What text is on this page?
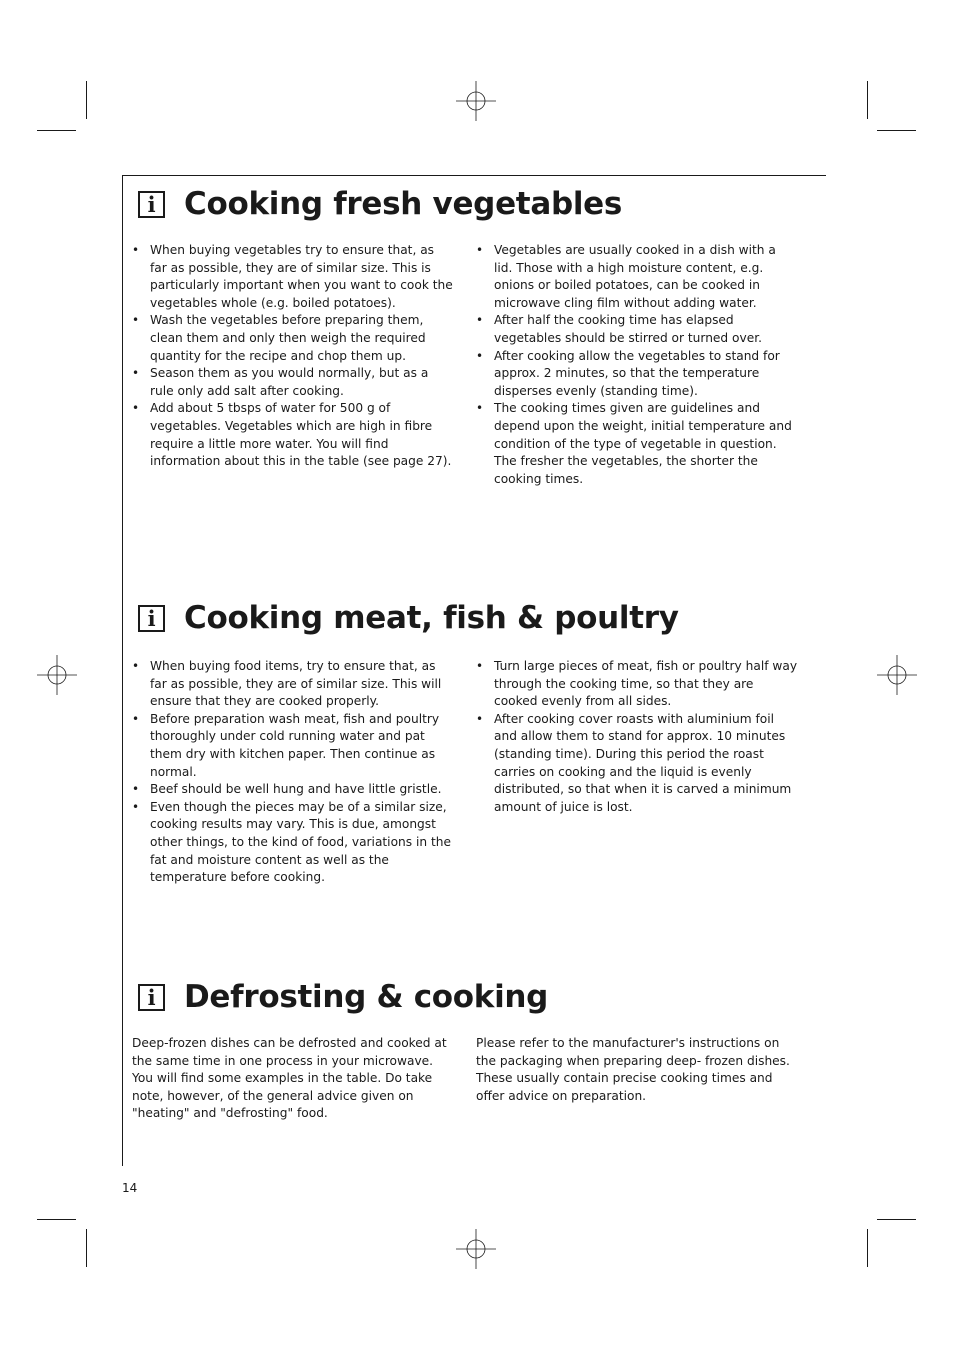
i Cooking fresh vegetables
• When buying vegetables try to ensure that, as far as possible, they are of similar size. This is particularly important when you want to cook the vegetables whole (e.g. boiled potatoes).
• Wash the vegetables before preparing them, clean them and only then weigh the required quantity for the recipe and chop them up.
• Season them as you would normally, but as a rule only add salt after cooking.
• Add about 5 tbsps of water for 500 g of vegetables. Vegetables which are high in fibre require a little more water. You will find information about this in the table (see page 27).
• Vegetables are usually cooked in a dish with a lid. Those with a high moisture content, e.g. onions or boiled potatoes, can be cooked in microwave cling film without adding water.
• After half the cooking time has elapsed vegetables should be stirred or turned over.
• After cooking allow the vegetables to stand for approx. 2 minutes, so that the temperature disperses evenly (standing time).
• The cooking times given are guidelines and depend upon the weight, initial temperature and condition of the type of vegetable in question. The fresher the vegetables, the shorter the cooking times.
i Cooking meat, fish & poultry
• When buying food items, try to ensure that, as far as possible, they are of similar size. This will ensure that they are cooked properly.
• Before preparation wash meat, fish and poultry thoroughly under cold running water and pat them dry with kitchen paper. Then continue as normal.
• Beef should be well hung and have little gristle.
• Even though the pieces may be of a similar size, cooking results may vary. This is due, amongst other things, to the kind of food, variations in the fat and moisture content as well as the temperature before cooking.
• Turn large pieces of meat, fish or poultry half way through the cooking time, so that they are cooked evenly from all sides.
• After cooking cover roasts with aluminium foil and allow them to stand for approx. 10 minutes (standing time). During this period the roast carries on cooking and the liquid is evenly distributed, so that when it is carved a minimum amount of juice is lost.
i Defrosting & cooking

Deep-frozen dishes can be defrosted and cooked at the same time in one process in your microwave. You will find some examples in the table. Do take note, however, of the general advice given on "heating" and "defrosting" food.

Please refer to the manufacturer's instructions on the packaging when preparing deep- frozen dishes. These usually contain precise cooking times and offer advice on preparation.

14
